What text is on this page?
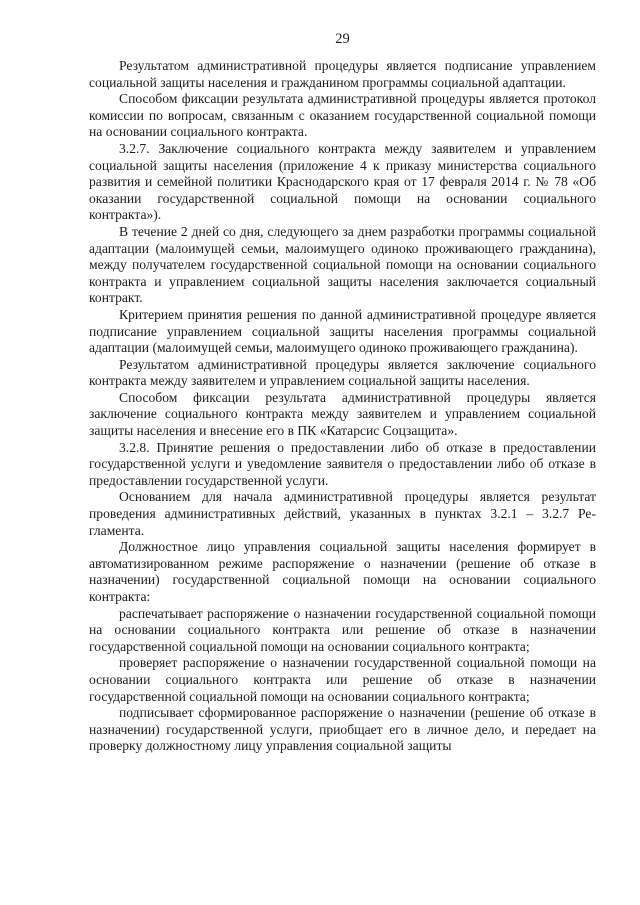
29

Результатом административной процедуры является подписание управлением социальной защиты населения и гражданином программы социальной адаптации.

Способом фиксации результата административной процедуры является протокол комиссии по вопросам, связанным с оказанием государственной социальной помощи на основании социального контракта.

3.2.7. Заключение социального контракта между заявителем и управлением социальной защиты населения (приложение 4 к приказу министерства социального развития и семейной политики Краснодарского края от 17 февраля 2014 г. № 78 «Об оказании государственной социальной помощи на основании социального контракта»).

В течение 2 дней со дня, следующего за днем разработки программы социальной адаптации (малоимущей семьи, малоимущего одиноко проживающего гражданина), между получателем государственной социальной помощи на основании социального контракта и управлением социальной защиты населения заключается социальный контракт.

Критерием принятия решения по данной административной процедуре является подписание управлением социальной защиты населения программы социальной адаптации (малоимущей семьи, малоимущего одиноко проживающего гражданина).

Результатом административной процедуры является заключение социального контракта между заявителем и управлением социальной защиты населения.

Способом фиксации результата административной процедуры является заключение социального контракта между заявителем и управлением социальной защиты населения и внесение его в ПК «Катарсис Соцзащита».

3.2.8. Принятие решения о предоставлении либо об отказе в предоставлении государственной услуги и уведомление заявителя о предоставлении либо об отказе в предоставлении государственной услуги.

Основанием для начала административной процедуры является результат проведения административных действий, указанных в пунктах 3.2.1 – 3.2.7 Регламента.

Должностное лицо управления социальной защиты населения формирует в автоматизированном режиме распоряжение о назначении (решение об отказе в назначении) государственной социальной помощи на основании социального контракта:

распечатывает распоряжение о назначении государственной социальной помощи на основании социального контракта или решение об отказе в назначении государственной социальной помощи на основании социального контракта;

проверяет распоряжение о назначении государственной социальной помощи на основании социального контракта или решение об отказе в назначении государственной социальной помощи на основании социального контракта;

подписывает сформированное распоряжение о назначении (решение об отказе в назначении) государственной услуги, приобщает его в личное дело, и передает на проверку должностному лицу управления социальной защиты
